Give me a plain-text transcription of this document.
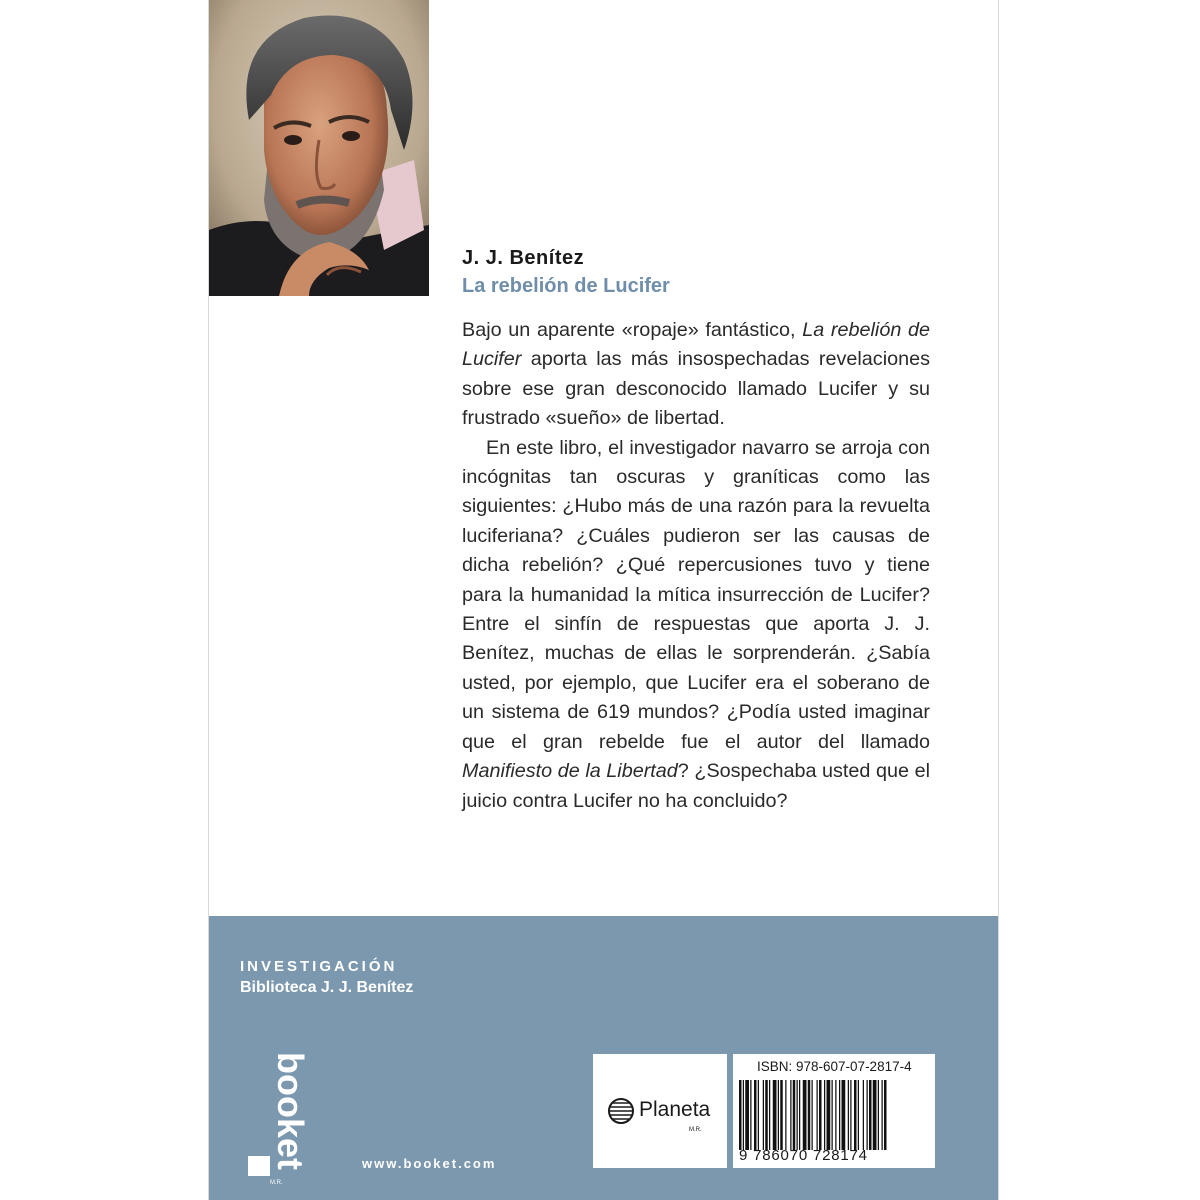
J. J. Benítez
La rebelión de Lucifer

Bajo un aparente «ropaje» fantástico, La rebelión de Lucifer aporta las más insospechadas revelaciones sobre ese gran desconocido llamado Lucifer y su frustrado «sueño» de libertad.

En este libro, el investigador navarro se arroja con incógnitas tan oscuras y graníticas como las siguientes: ¿Hubo más de una razón para la revuelta luciferiana? ¿Cuáles pudieron ser las causas de dicha rebelión? ¿Qué repercusiones tuvo y tiene para la humanidad la mítica insurrección de Lucifer? Entre el sinfín de respuestas que aporta J. J. Benítez, muchas de ellas le sorprenderán. ¿Sabía usted, por ejemplo, que Lucifer era el soberano de un sistema de 619 mundos? ¿Podía usted imaginar que el gran rebelde fue el autor del llamado Manifiesto de la Libertad? ¿Sospechaba usted que el juicio contra Lucifer no ha concluido?

INVESTIGACIÓN
Biblioteca J. J. Benítez
booket
M.R.
www.booket.com
Planeta
M.R.
ISBN: 978-607-07-2817-4
9 786070 728174
